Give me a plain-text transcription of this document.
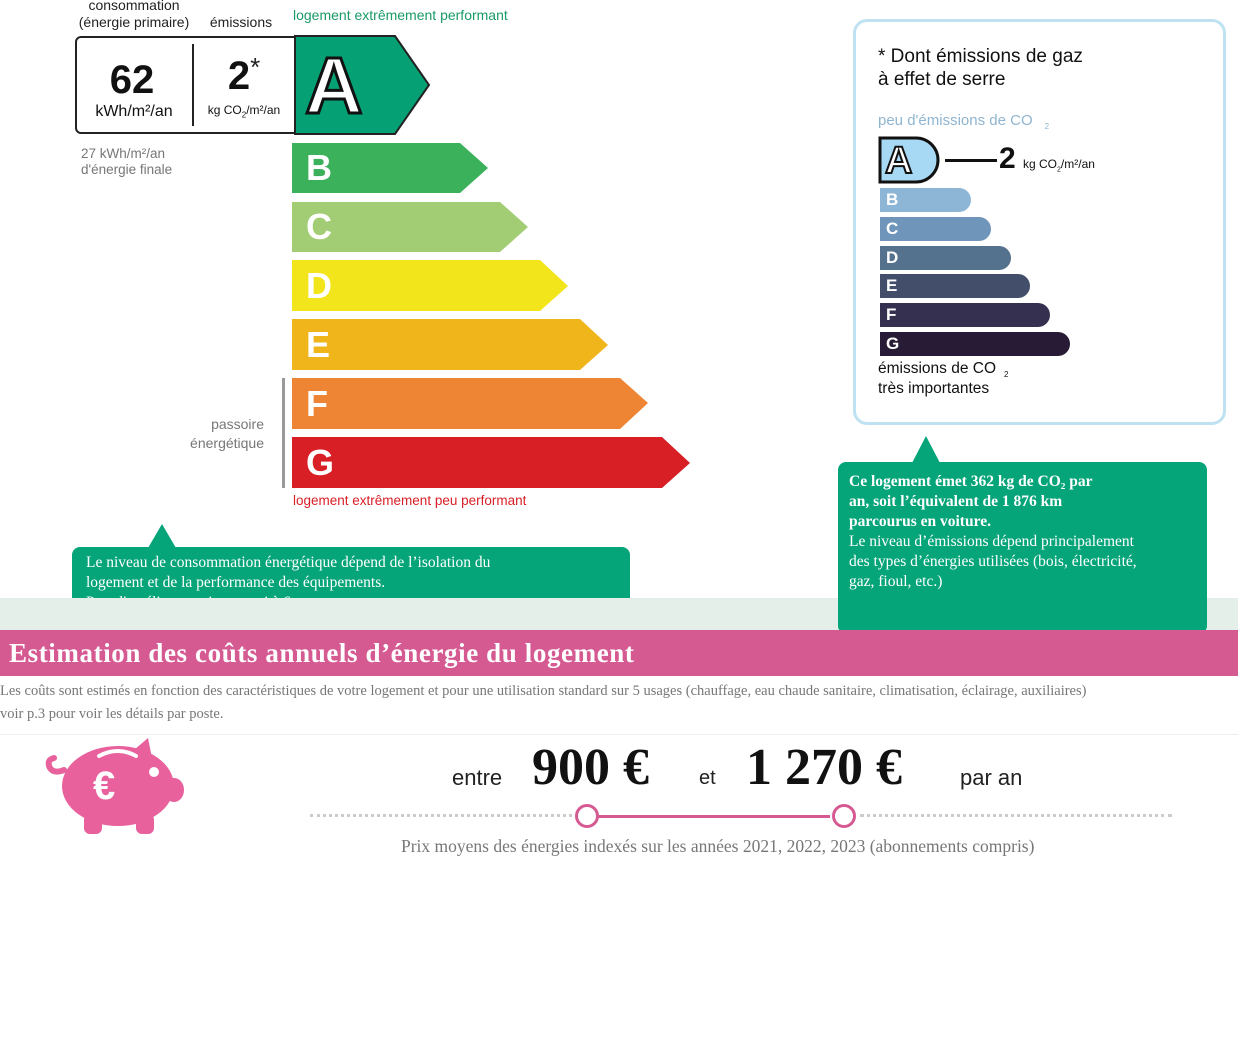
consommation
(énergie primaire)	émissions	logement extrêmement performant
62
kWh/m²/an
2*
kg $CO_2/m^2/an$ A
B
C
D
E
F
G
27 kWh/m²/an
d'énergie finale
passoire
énergétique
logement extrêmement peu performant
Le niveau de consommation énergétique dépend de l’isolation du
logement et de la performance des équipements.
* Dont émissions de gaz
à effet de serre
peu d'émissions de CO $_2$
A	2 kg $CO_2/m^2/an$
B
C
D
E
F
G
émissions de CO $_2$
très importantes
Ce logement émet 362 kg de CO₂ par
an, soit l’équivalent de 1 876 km
parcourus en voiture.
Le niveau d’émissions dépend principalement
des types d’énergies utilisées (bois, électricité,
gaz, fioul, etc.)
Estimation des coûts annuels d’énergie du logement
Les coûts sont estimés en fonction des caractéristiques de votre logement et pour une utilisation standard sur 5 usages (chauffage, eau chaude sanitaire, climatisation, éclairage, auxiliaires)
voir p.3 pour voir les détails par poste.
€	entre 900 €	et 1 270 €	par an
Prix moyens des énergies indexés sur les années 2021, 2022, 2023 (abonnements compris)
